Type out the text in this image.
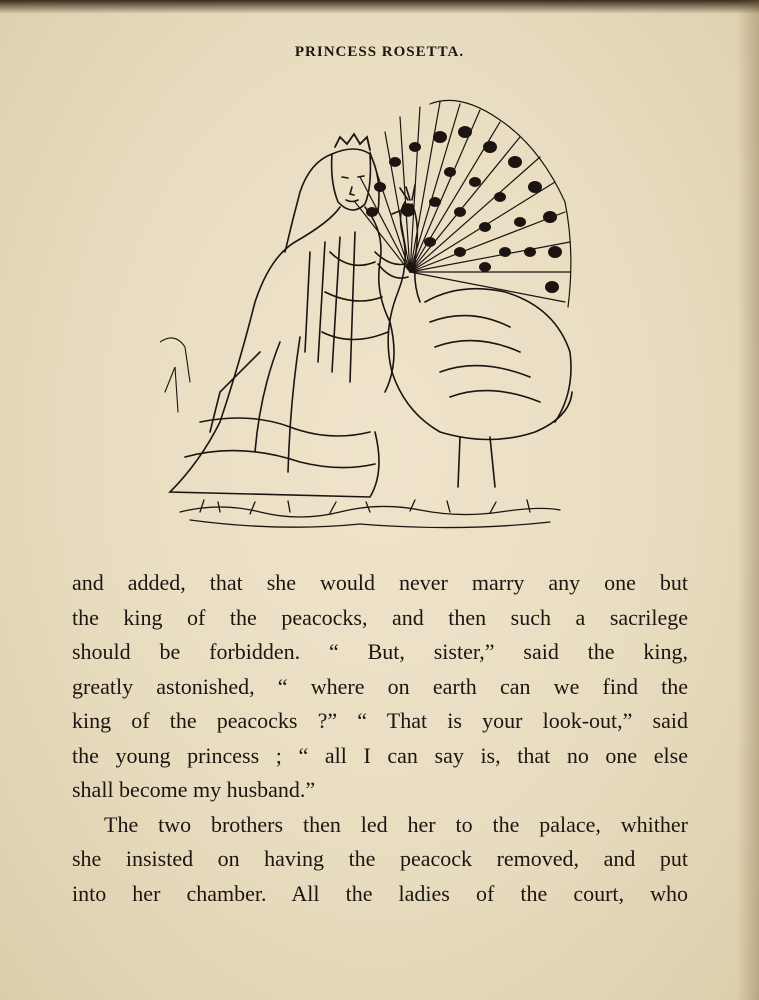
PRINCESS ROSETTA.
and added, that she would never marry any one but
the king of the peacocks, and then such a sacrilege
should be forbidden. “ But, sister,” said the king,
greatly astonished, “ where on earth can we find the
king of the peacocks ?” “ That is your look-out,” said
the young princess ; “ all I can say is, that no one else
shall become my husband.”
The two brothers then led her to the palace, whither
she insisted on having the peacock removed, and put
into her chamber. All the ladies of the court, who
